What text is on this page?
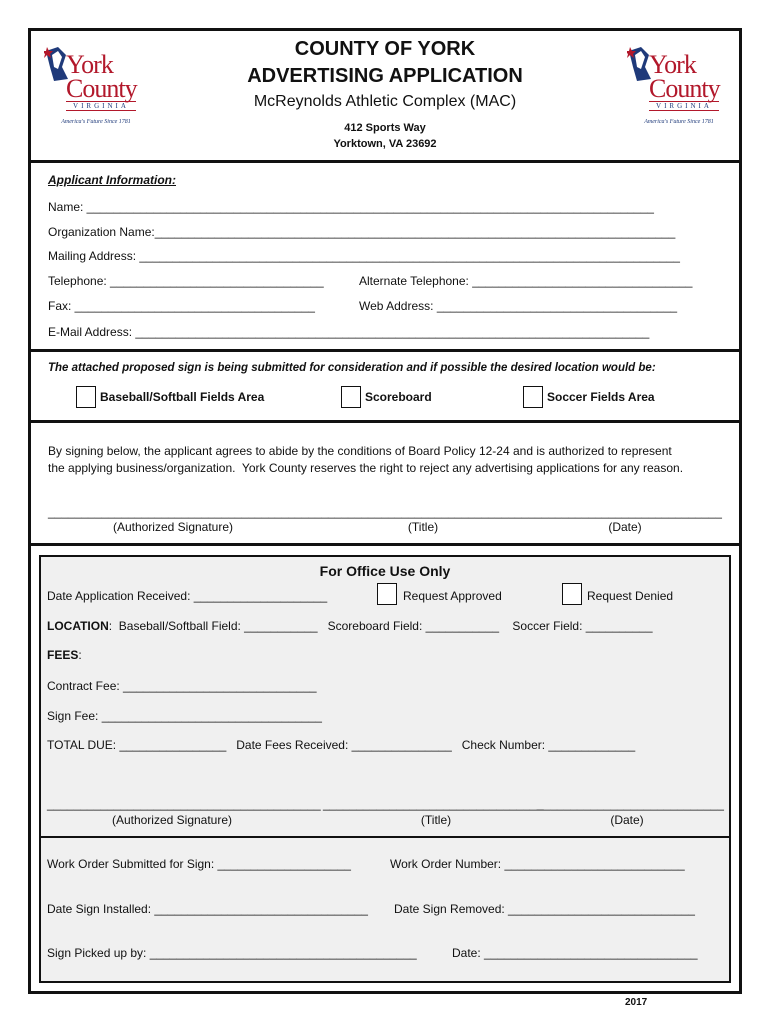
York
County
VIRGINIA
America's Future Since 1781
York
County
VIRGINIA
America's Future Since 1781
COUNTY OF YORK
ADVERTISING APPLICATION
McReynolds Athletic Complex (MAC)
412 Sports Way
Yorktown, VA 23692
Applicant Information:
Name: _____________________________________________________________________________________
Organization Name:______________________________________________________________________________
Mailing Address: _________________________________________________________________________________
Telephone: ________________________________	Alternate Telephone: _________________________________
Fax: ____________________________________	Web Address: ____________________________________
E-Mail Address: _____________________________________________________________________________
The attached proposed sign is being submitted for consideration and if possible the desired location would be:
Baseball/Softball Fields Area	Scoreboard	Soccer Fields Area
By signing below, the applicant agrees to abide by the conditions of Board Policy 12-24 and is authorized to represent
the applying business/organization.  York County reserves the right to reject any advertising applications for any reason.
__________________________________________ _______________________________ ____________________________
(Authorized Signature)	(Title)	(Date)
For Office Use Only
Date Application Received: ____________________	Request Approved	Request Denied
LOCATION:  Baseball/Softball Field: ___________   Scoreboard Field: ___________    Soccer Field: __________
FEES:
Contract Fee: _____________________________
Sign Fee: _________________________________
TOTAL DUE: ________________   Date Fees Received: _______________   Check Number: _____________
_________________________________________ _________________________________
____________________________
(Authorized Signature)	(Title)	(Date)
Work Order Submitted for Sign: ____________________	Work Order Number: ___________________________
Date Sign Installed: ________________________________ Date Sign Removed: ____________________________
Sign Picked up by: ________________________________________	Date: ________________________________
2017
